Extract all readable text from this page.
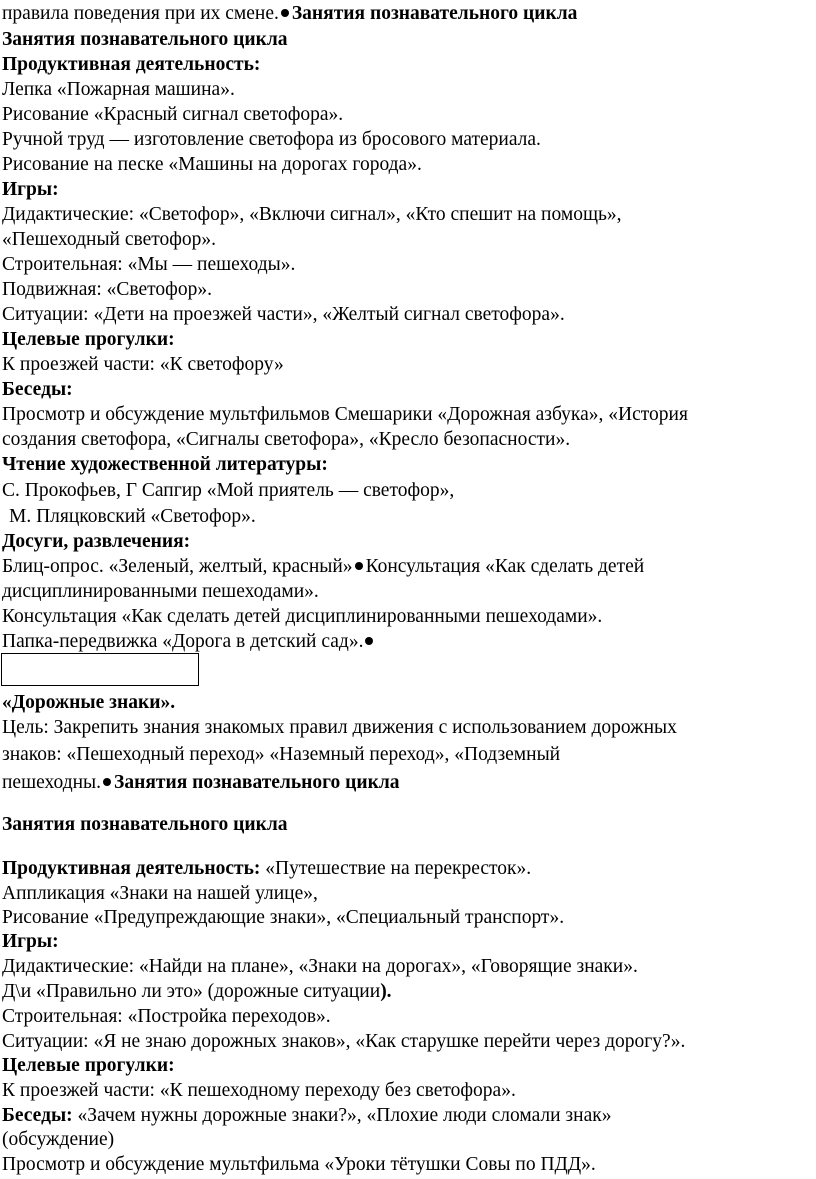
правила поведения при их смене. Занятия познавательного цикла
Занятия познавательного цикла
Продуктивная деятельность:
Лепка «Пожарная машина».
Рисование «Красный сигнал светофора».
Ручной труд — изготовление светофора из бросового материала.
Рисование на песке «Машины на дорогах города».
Игры:
Дидактические: «Светофор», «Включи сигнал», «Кто спешит на помощь»,
«Пешеходный светофор».
Строительная: «Мы — пешеходы».
Подвижная: «Светофор».
Ситуации: «Дети на проезжей части», «Желтый сигнал светофора».
Целевые прогулки:
К проезжей части: «К светофору»
Беседы:
Просмотр и обсуждение мультфильмов Смешарики «Дорожная азбука», «История
создания светофора, «Сигналы светофора», «Кресло безопасности».
Чтение художественной литературы:
С. Прокофьев, Г Сапгир «Мой приятель — светофор»,
М. Пляцковский «Светофор».
Досуги, развлечения:
Блиц-опрос. «Зеленый, желтый, красный» Консультация «Как сделать детей
дисциплинированными пешеходами».
Консультация «Как сделать детей дисциплинированными пешеходами».
Папка-передвижка «Дорога в детский сад».
«Дорожные знаки».
Цель: Закрепить знания знакомых правил движения с использованием дорожных
знаков: «Пешеходный переход» «Наземный переход», «Подземный
пешеходны. Занятия познавательного цикла
Занятия познавательного цикла
Продуктивная деятельность: «Путешествие на перекресток».
Аппликация «Знаки на нашей улице»,
Рисование «Предупреждающие знаки», «Специальный транспорт».
Игры:
Дидактические: «Найди на плане», «Знаки на дорогах», «Говорящие знаки».
Д\и «Правильно ли это» (дорожные ситуации).
Строительная: «Постройка переходов».
Ситуации: «Я не знаю дорожных знаков», «Как старушке перейти через дорогу?».
Целевые прогулки:
К проезжей части: «К пешеходному переходу без светофора».
Беседы: «Зачем нужны дорожные знаки?», «Плохие люди сломали знак»
(обсуждение)
Просмотр и обсуждение мультфильма «Уроки тётушки Совы по ПДД».
